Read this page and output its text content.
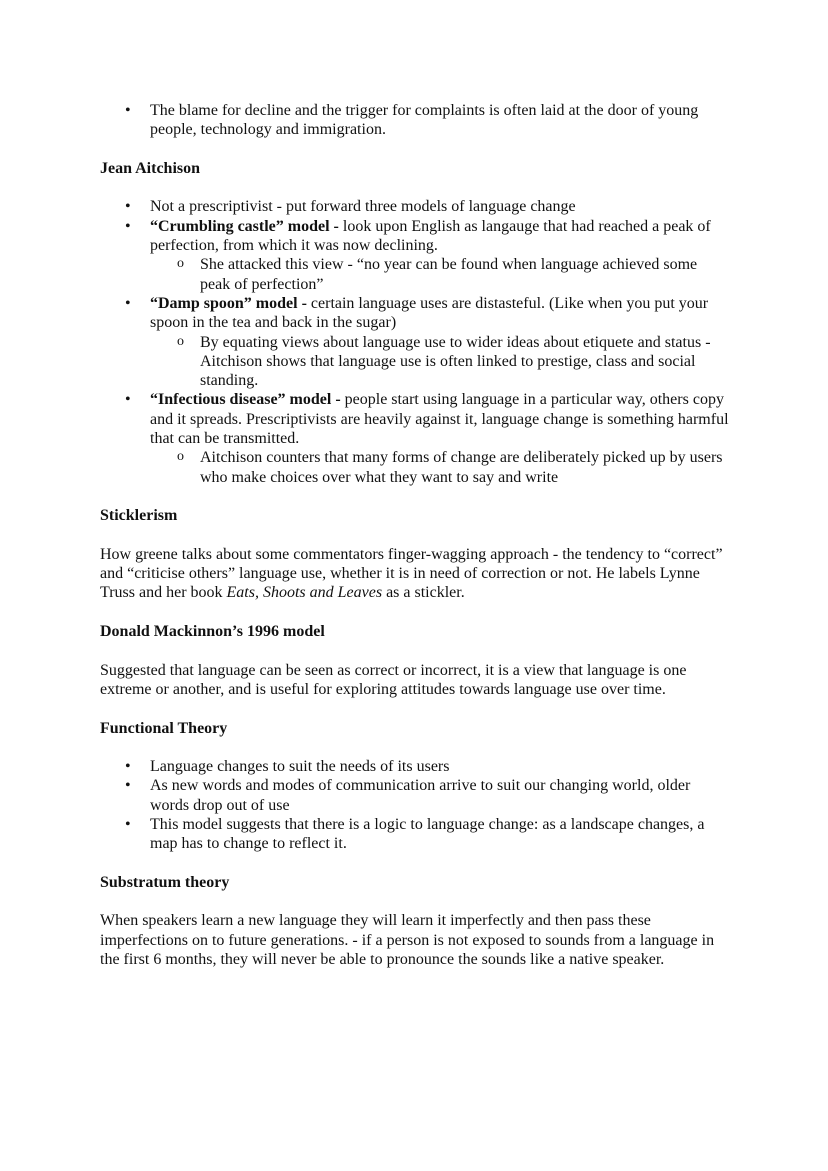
• The blame for decline and the trigger for complaints is often laid at the door of young people, technology and immigration.
Jean Aitchison
• Not a prescriptivist - put forward three models of language change
• “Crumbling castle” model - look upon English as langauge that had reached a peak of perfection, from which it was now declining.
o She attacked this view - “no year can be found when language achieved some peak of perfection”
• “Damp spoon” model - certain language uses are distasteful. (Like when you put your spoon in the tea and back in the sugar)
o By equating views about language use to wider ideas about etiquete and status - Aitchison shows that language use is often linked to prestige, class and social standing.
• “Infectious disease” model - people start using language in a particular way, others copy and it spreads. Prescriptivists are heavily against it, language change is something harmful that can be transmitted.
o Aitchison counters that many forms of change are deliberately picked up by users who make choices over what they want to say and write
Sticklerism

How greene talks about some commentators finger-wagging approach - the tendency to “correct” and “criticise others” language use, whether it is in need of correction or not. He labels Lynne Truss and her book Eats, Shoots and Leaves as a stickler.

Donald Mackinnon’s 1996 model

Suggested that language can be seen as correct or incorrect, it is a view that language is one extreme or another, and is useful for exploring attitudes towards language use over time.

Functional Theory
• Language changes to suit the needs of its users
• As new words and modes of communication arrive to suit our changing world, older words drop out of use
• This model suggests that there is a logic to language change: as a landscape changes, a map has to change to reflect it.
Substratum theory

When speakers learn a new language they will learn it imperfectly and then pass these imperfections on to future generations. - if a person is not exposed to sounds from a language in the first 6 months, they will never be able to pronounce the sounds like a native speaker.
